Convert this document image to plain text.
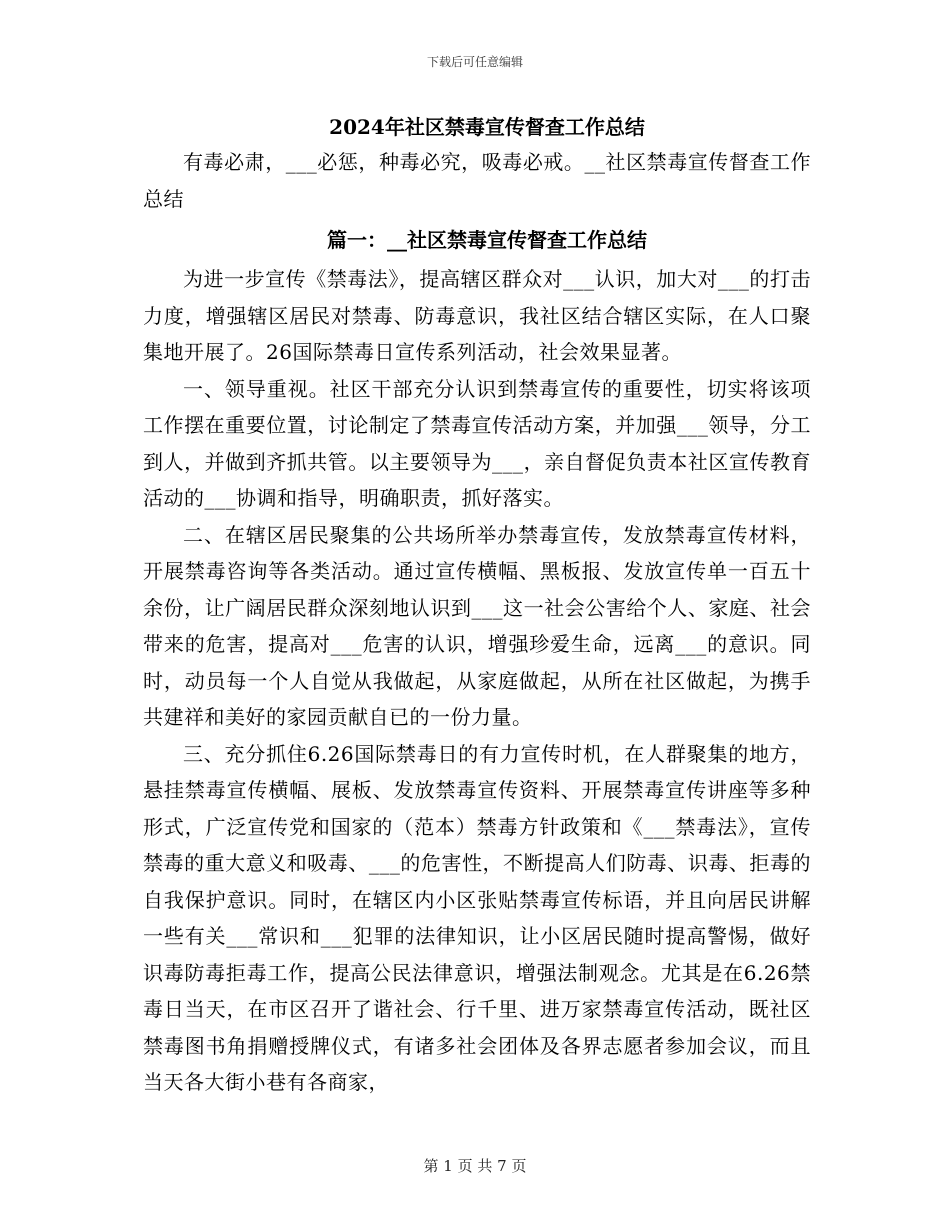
下载后可任意编辑
2024年社区禁毒宣传督查工作总结

有毒必肃，___必惩，种毒必究，吸毒必戒。__社区禁毒宣传督查工作总结

篇一：__社区禁毒宣传督查工作总结

为进一步宣传《禁毒法》，提高辖区群众对___认识，加大对___的打击力度，增强辖区居民对禁毒、防毒意识，我社区结合辖区实际，在人口聚集地开展了。26国际禁毒日宣传系列活动，社会效果显著。

一、领导重视。社区干部充分认识到禁毒宣传的重要性，切实将该项工作摆在重要位置，讨论制定了禁毒宣传活动方案，并加强___领导，分工到人，并做到齐抓共管。以主要领导为___，亲自督促负责本社区宣传教育活动的___协调和指导，明确职责，抓好落实。

二、在辖区居民聚集的公共场所举办禁毒宣传，发放禁毒宣传材料，开展禁毒咨询等各类活动。通过宣传横幅、黑板报、发放宣传单一百五十余份，让广阔居民群众深刻地认识到___这一社会公害给个人、家庭、社会带来的危害，提高对___危害的认识，增强珍爱生命，远离___的意识。同时，动员每一个人自觉从我做起，从家庭做起，从所在社区做起，为携手共建祥和美好的家园贡献自已的一份力量。

三、充分抓住6.26国际禁毒日的有力宣传时机，在人群聚集的地方，悬挂禁毒宣传横幅、展板、发放禁毒宣传资料、开展禁毒宣传讲座等多种形式，广泛宣传党和国家的（范本）禁毒方针政策和《___禁毒法》，宣传禁毒的重大意义和吸毒、___的危害性，不断提高人们防毒、识毒、拒毒的自我保护意识。同时，在辖区内小区张贴禁毒宣传标语，并且向居民讲解一些有关___常识和___犯罪的法律知识，让小区居民随时提高警惕，做好识毒防毒拒毒工作，提高公民法律意识，增强法制观念。尤其是在6.26禁毒日当天，在市区召开了谐社会、行千里、进万家禁毒宣传活动，既社区禁毒图书角捐赠授牌仪式，有诸多社会团体及各界志愿者参加会议，而且当天各大街小巷有各商家，

第 1 页 共 7 页
